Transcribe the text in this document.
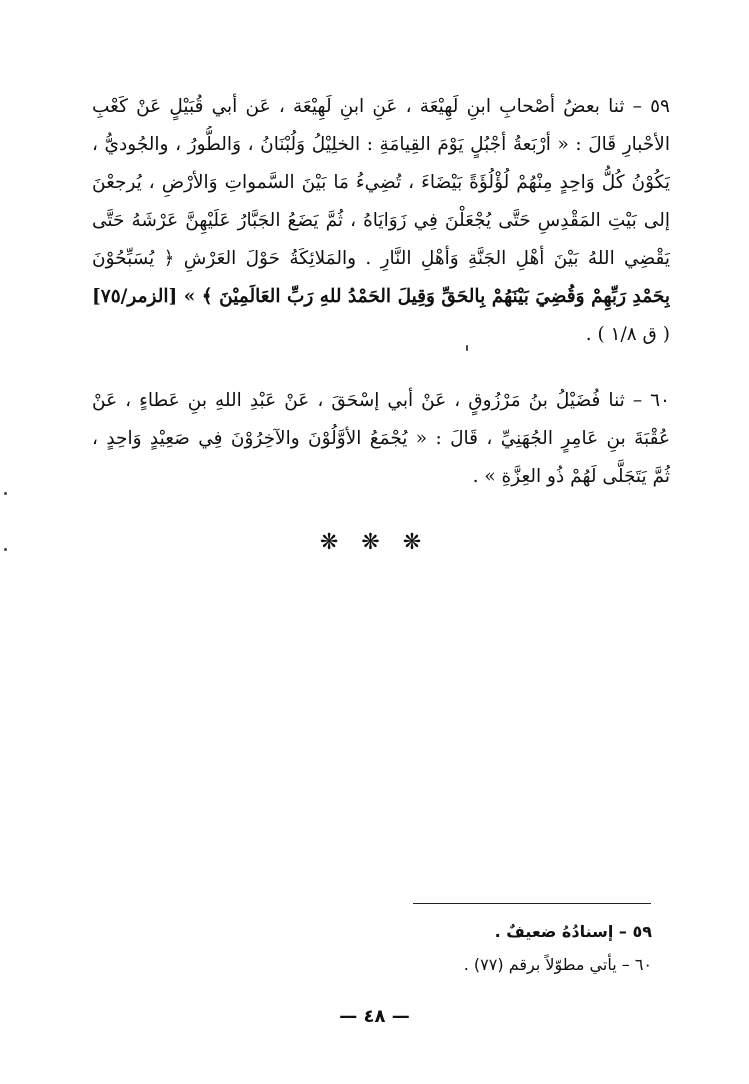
٥٩ – ثنا بعضُ أصْحابِ ابنِ لَهِيْعَة ، عَنِ ابنِ لَهِيْعَة ، عَن أبي قُبَيْلٍ عَنْ كَعْبِ
الأحْبارِ قَالَ : « أرْبَعةُ أجْبُلٍ يَوْمَ القِيامَةِ : الخلِيْلُ وَلُبْنَانُ ، وَالطُّورُ ، والجُوديُّ ،
يَكُوْنُ كُلُّ وَاحِدٍ مِنْهُمْ لُؤْلُؤَةً بَيْضَاءَ ، تُضِيءُ مَا بَيْنَ السَّمواتِ وَالأرْضِ ، يُرجعْنَ
إلى بَيْتِ المَقْدِسِ حَتَّى يُجْعَلْنَ فِي زَوَايَاهُ ، ثُمَّ يَضَعُ الجَبَّارُ عَلَيْهِنَّ عَرْشَهُ حَتَّى
يَقْضِي اللهُ بَيْنَ أهْلِ الجَنَّةِ وَأهْلِ النَّارِ . والمَلائِكَةُ حَوْلَ العَرْشِ ﴿ يُسَبِّحُوْنَ
بِحَمْدِ رَبِّهِمْ وَقُضِيَ بَيْنَهُمْ بِالحَقِّ وَقِيلَ الحَمْدُ للهِ رَبِّ العَالَمِيْنَ ﴾ » [الزمر/٧٥]
( ق ١/٨ ) .
٦٠ – ثنا فُضَيْلُ بنُ مَرْزُوقٍ ، عَنْ أبي إسْحَقَ ، عَنْ عَبْدِ اللهِ بنِ عَطاءٍ ، عَنْ
عُقْبَةَ بنِ عَامِرٍ الجُهَنِيِّ ، قَالَ : « يُجْمَعُ الأوَّلُوْنَ والآخِرُوْنَ فِي صَعِيْدٍ وَاحِدٍ ،
ثُمَّ يَتَجَلَّى لَهُمْ ذُو العِزَّةِ » .
❋ ❋ ❋
٥٩ – إسنادُهُ ضعيفٌ .
٦٠ – يأتي مطوّلاً برقم (٧٧) .
— ٤٨ —
